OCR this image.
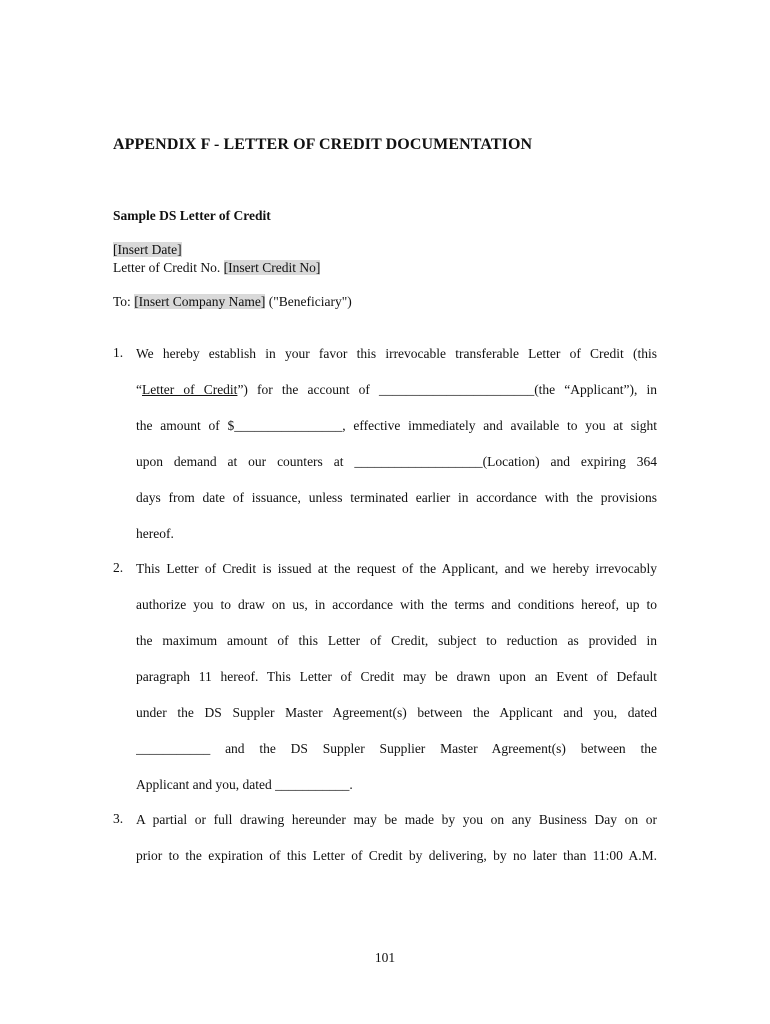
APPENDIX F - LETTER OF CREDIT DOCUMENTATION
Sample DS Letter of Credit
[Insert Date]
Letter of Credit No. [Insert Credit No]
To: [Insert Company Name] ("Beneficiary")
1. We hereby establish in your favor this irrevocable transferable Letter of Credit (this
“Letter of Credit”) for the account of _______________________(the “Applicant”), in
the amount of $________________, effective immediately and available to you at sight
upon demand at our counters at ___________________(Location) and expiring 364
days from date of issuance, unless terminated earlier in accordance with the provisions
hereof.
2. This Letter of Credit is issued at the request of the Applicant, and we hereby irrevocably
authorize you to draw on us, in accordance with the terms and conditions hereof, up to
the maximum amount of this Letter of Credit, subject to reduction as provided in
paragraph 11 hereof. This Letter of Credit may be drawn upon an Event of Default
under the DS Suppler Master Agreement(s) between the Applicant and you, dated
___________ and the DS Suppler Supplier Master Agreement(s) between the
Applicant and you, dated ___________.
3. A partial or full drawing hereunder may be made by you on any Business Day on or
prior to the expiration of this Letter of Credit by delivering, by no later than 11:00 A.M.
101
